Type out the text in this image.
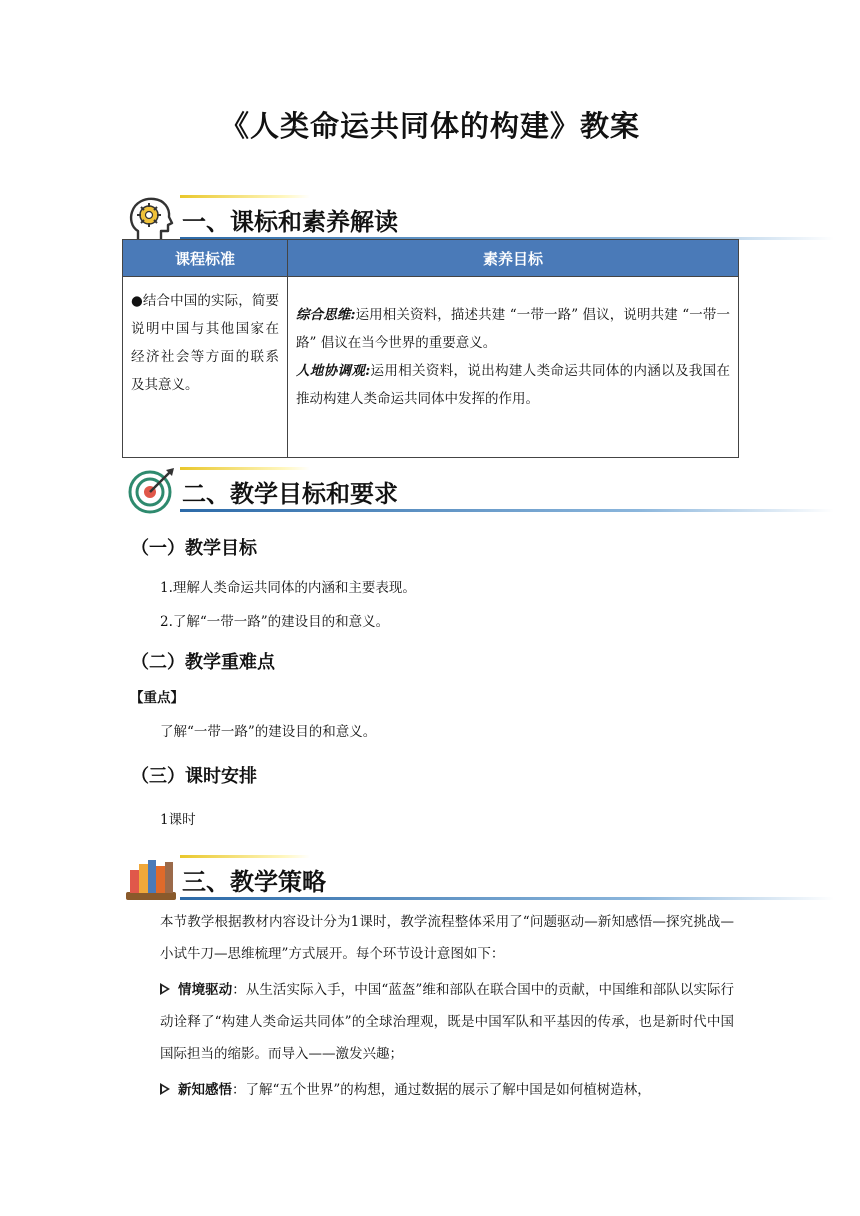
《人类命运共同体的构建》教案
一、课标和素养解读
课程标准	素养目标
●结合中国的实际，简要说明中国与其他国家在经济社会等方面的联系及其意义。	综合思维:运用相关资料，描述共建 “一带一路” 倡议，说明共建 “一带一路” 倡议在当今世界的重要意义。
人地协调观:运用相关资料，说出构建人类命运共同体的内涵以及我国在推动构建人类命运共同体中发挥的作用。
二、教学目标和要求
（一）教学目标
1.理解人类命运共同体的内涵和主要表现。
2.了解“一带一路”的建设目的和意义。
（二）教学重难点
【重点】
了解“一带一路”的建设目的和意义。
（三）课时安排
1课时
三、教学策略
本节教学根据教材内容设计分为1课时，教学流程整体采用了“问题驱动—新知感悟—探究挑战—小试牛刀—思维梳理”方式展开。每个环节设计意图如下：
情境驱动：从生活实际入手，中国“蓝盔”维和部队在联合国中的贡献，中国维和部队以实际行动诠释了“构建人类命运共同体”的全球治理观，既是中国军队和平基因的传承，也是新时代中国国际担当的缩影。而导入——激发兴趣；
新知感悟：了解“五个世界”的构想，通过数据的展示了解中国是如何植树造林，
